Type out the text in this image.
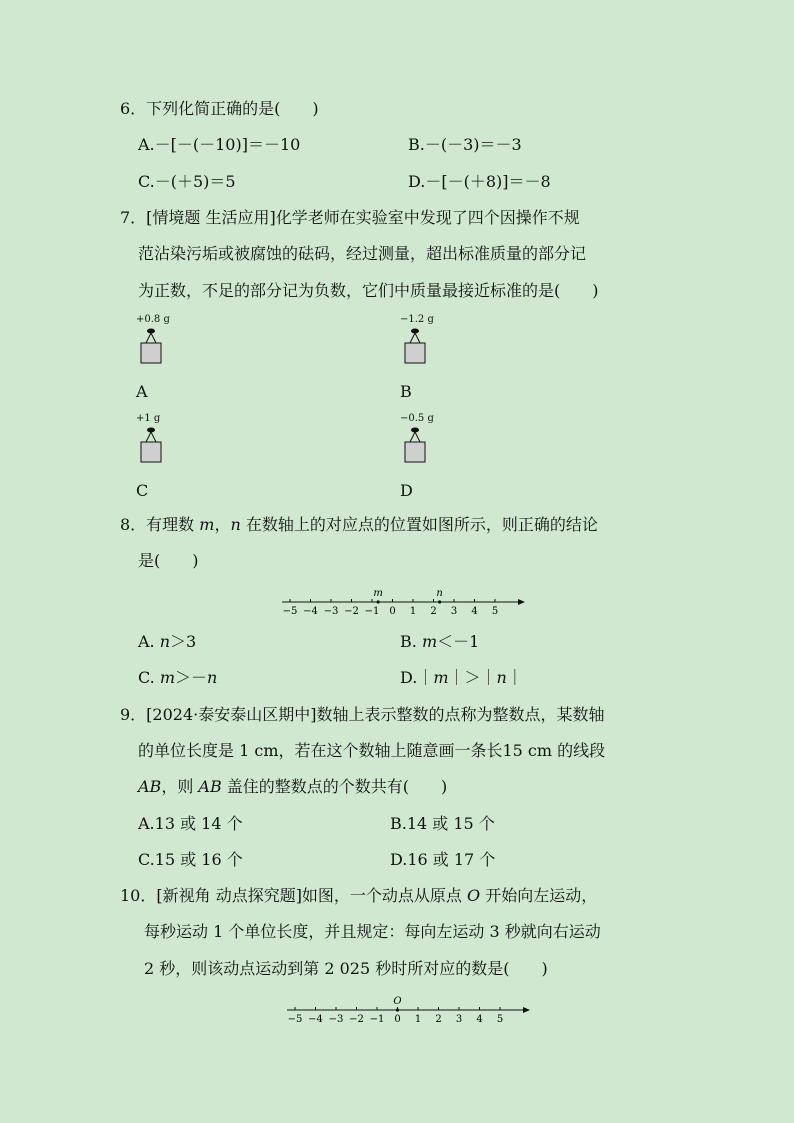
6．下列化简正确的是(　　)
A.－[－(－10)]＝－10	B.－(－3)＝－3
C.－(＋5)＝5	D.－[－(＋8)]＝－8
7．[情境题 生活应用]化学老师在实验室中发现了四个因操作不规
范沾染污垢或被腐蚀的砝码，经过测量，超出标准质量的部分记
为正数，不足的部分记为负数，它们中质量最接近标准的是(　　)
+0.8 g
A
−1.2 g
B
+1 g
C
−0.5 g
D
8．有理数 m，n 在数轴上的对应点的位置如图所示，则正确的结论
是(　　)
−5 −4 −3 −2 −1 0 1 2 3 4 5
m	n
A. n＞3	B. m＜－1
C. m＞－n	D.｜m｜＞｜n｜
9．[2024·泰安泰山区期中]数轴上表示整数的点称为整数点，某数轴
的单位长度是 1 cm，若在这个数轴上随意画一条长15 cm 的线段
AB，则 AB 盖住的整数点的个数共有(　　)
A.13 或 14 个	B.14 或 15 个
C.15 或 16 个	D.16 或 17 个
10．[新视角 动点探究题]如图，一个动点从原点 O 开始向左运动，
每秒运动 1 个单位长度，并且规定：每向左运动 3 秒就向右运动
2 秒，则该动点运动到第 2 025 秒时所对应的数是(　　)
−5 −4 −3 −2 −1 0 1 2 3 4 5
O
